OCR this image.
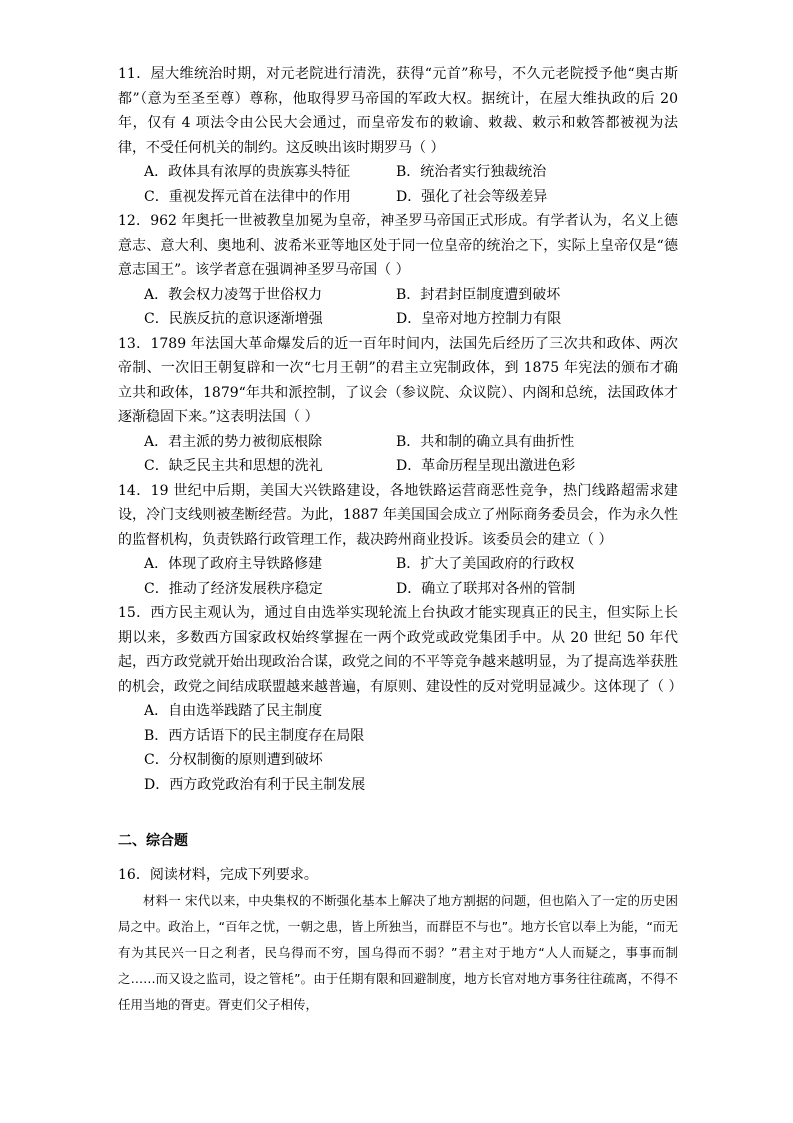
11．屋大维统治时期，对元老院进行清洗，获得“元首”称号，不久元老院授予他“奥古斯都”（意为至圣至尊）尊称，他取得罗马帝国的军政大权。据统计，在屋大维执政的后 20 年，仅有 4 项法令由公民大会通过，而皇帝发布的敕谕、敕裁、敕示和敕答都被视为法律，不受任何机关的制约。这反映出该时期罗马（ ）

A．政体具有浓厚的贵族寡头特征	B．统治者实行独裁统治
C．重视发挥元首在法律中的作用	D．强化了社会等级差异

12．962 年奥托一世被教皇加冕为皇帝，神圣罗马帝国正式形成。有学者认为，名义上德意志、意大利、奥地利、波希米亚等地区处于同一位皇帝的统治之下，实际上皇帝仅是“德意志国王”。该学者意在强调神圣罗马帝国（ ）

A．教会权力凌驾于世俗权力	B．封君封臣制度遭到破坏
C．民族反抗的意识逐渐增强	D．皇帝对地方控制力有限

13．1789 年法国大革命爆发后的近一百年时间内，法国先后经历了三次共和政体、两次帝制、一次旧王朝复辟和一次“七月王朝”的君主立宪制政体，到 1875 年宪法的颁布才确立共和政体，1879“年共和派控制，了议会（参议院、众议院）、内阁和总统，法国政体才逐渐稳固下来。”这表明法国（ ）

A．君主派的势力被彻底根除	B．共和制的确立具有曲折性
C．缺乏民主共和思想的洗礼	D．革命历程呈现出激进色彩

14．19 世纪中后期，美国大兴铁路建设，各地铁路运营商恶性竞争，热门线路超需求建设，冷门支线则被垄断经营。为此，1887 年美国国会成立了州际商务委员会，作为永久性的监督机构，负责铁路行政管理工作，裁决跨州商业投诉。该委员会的建立（ ）

A．体现了政府主导铁路修建	B．扩大了美国政府的行政权
C．推动了经济发展秩序稳定	D．确立了联邦对各州的管制

15．西方民主观认为，通过自由选举实现轮流上台执政才能实现真正的民主，但实际上长期以来，多数西方国家政权始终掌握在一两个政党或政党集团手中。从 20 世纪 50 年代起，西方政党就开始出现政治合谋，政党之间的不平等竞争越来越明显，为了提高选举获胜的机会，政党之间结成联盟越来越普遍，有原则、建设性的反对党明显减少。这体现了（ ）

A．自由选举践踏了民主制度
B．西方话语下的民主制度存在局限
C．分权制衡的原则遭到破坏
D．西方政党政治有利于民主制发展
二、综合题

16．阅读材料，完成下列要求。

材料一 宋代以来，中央集权的不断强化基本上解决了地方割据的问题，但也陷入了一定的历史困局之中。政治上，“百年之忧，一朝之患，皆上所独当，而群臣不与也”。地方长官以奉上为能，“而无有为其民兴一日之利者，民乌得而不穷，国乌得而不弱？”君主对于地方“人人而疑之，事事而制之……而又设之监司，设之管枆”。由于任期有限和回避制度，地方长官对地方事务往往疏离，不得不任用当地的胥吏。胥吏们父子相传，
